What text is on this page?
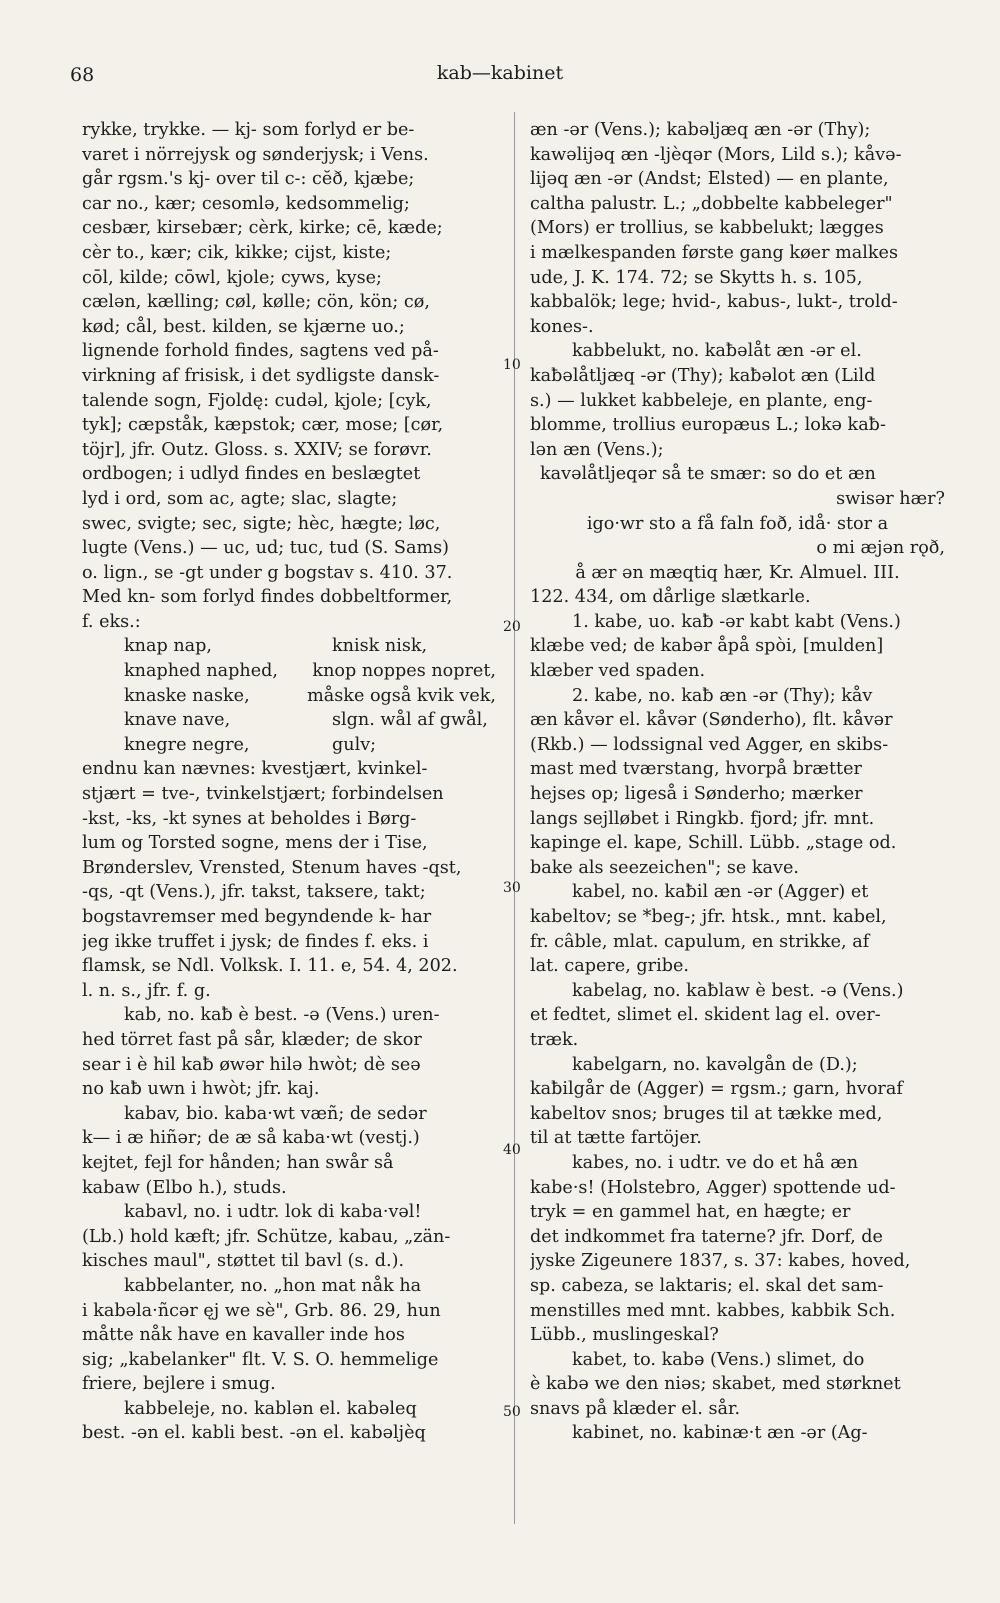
68	kab—kabinet
rykke, trykke. — kj- som forlyd er be-
varet i nörrejysk og sønderjysk; i Vens.
går rgsm.'s kj- over til c-: cĕð, kjæbe;
car no., kær; cesomlə, kedsommelig;
cesbær, kirsebær; cèrk, kirke; cē, kæde;
cèr to., kær; cik, kikke; cijst, kiste;
cōl, kilde; cōwl, kjole; cyws, kyse;
cælən, kælling; cøl, kølle; cön, kön; cø,
kød; cål, best. kilden, se kjærne uo.;
lignende forhold findes, sagtens ved på-
virkning af frisisk, i det sydligste dansk-
talende sogn, Fjoldę: cudəl, kjole; [cyk,
tyk]; cæpståk, kæpstok; cær, mose; [cør,
töjr], jfr. Outz. Gloss. s. XXIV; se forøvr.
ordbogen; i udlyd findes en beslægtet
lyd i ord, som ac, agte; slac, slagte;
swec, svigte; sec, sigte; hèc, hægte; løc,
lugte (Vens.) — uc, ud; tuc, tud (S. Sams)
o. lign., se -gt under g bogstav s. 410. 37.
Med kn- som forlyd findes dobbeltformer,
f. eks.:
knap nap,	knisk nisk,
knaphed naphed,	knop noppes nopret,
knaske naske,	måske også kvik vek,
knave nave,	slgn. wål af gwål,
knegre negre,	gulv;
endnu kan nævnes: kvestjært, kvinkel-
stjært = tve-, tvinkelstjært; forbindelsen
-kst, -ks, -kt synes at beholdes i Børg-
lum og Torsted sogne, mens der i Tise,
Brønderslev, Vrensted, Stenum haves -qst,
-qs, -qt (Vens.), jfr. takst, taksere, takt;
bogstavremser med begyndende k- har
jeg ikke truffet i jysk; de findes f. eks. i
flamsk, se Ndl. Volksk. I. 11. e, 54. 4, 202.
l. n. s., jfr. f. g.
kab, no. kaƀ è best. -ə (Vens.) uren-
hed törret fast på sår, klæder; de skor
sear i è hil kaƀ øwər hilə hwòt; dè seə
no kaƀ uwn i hwòt; jfr. kaj.
kabav, bio. kaba·wt væñ; de sedər
k— i æ hiñər; de æ så kaba·wt (vestj.)
kejtet, fejl for hånden; han swår så
kabaw (Elbo h.), studs.
kabavl, no. i udtr. lok di kaba·vəl!
(Lb.) hold kæft; jfr. Schütze, kabau, „zän-
kisches maul", støttet til bavl (s. d.).
kabbelanter, no. „hon mat nåk ha
i kabəla·ñcər ęj we sè", Grb. 86. 29, hun
måtte nåk have en kavaller inde hos
sig; „kabelanker" flt. V. S. O. hemmelige
friere, bejlere i smug.
kabbeleje, no. kablən el. kabəleq
best. -ən el. kabli best. -ən el. kabəljèq
10
20
30
40
50
æn -ər (Vens.); kabəljæq æn -ər (Thy);
kawəlijəq æn -ljèqər (Mors, Lild s.); kåvə-
lijəq æn -ər (Andst; Elsted) — en plante,
caltha palustr. L.; „dobbelte kabbeleger"
(Mors) er trollius, se kabbelukt; lægges
i mælkespanden første gang køer malkes
ude, J. K. 174. 72; se Skytts h. s. 105,
kabbalök; lege; hvid-, kabus-, lukt-, trold-
kones-.
kabbelukt, no. kaƀəlåt æn -ər el.
kaƀəlåtljæq -ər (Thy); kaƀəlot æn (Lild
s.) — lukket kabbeleje, en plante, eng-
blomme, trollius europæus L.; lokə kaƀ-
lən æn (Vens.);
kavəlåtljeqər så te smær: so do et æn
swisər hær?
igo·wr sto a få faln foð, idå· stor a
o mi æjən rǫð,
å ær ən mæqtiq hær, Kr. Almuel. III.
122. 434, om dårlige slætkarle.
1. kabe, uo. kaƀ -ər kabt kabt (Vens.)
klæbe ved; de kabər åpå spòi, [mulden]
klæber ved spaden.
2. kabe, no. kaƀ æn -ər (Thy); kåv
æn kåvər el. kåvər (Sønderho), flt. kåvər
(Rkb.) — lodssignal ved Agger, en skibs-
mast med tværstang, hvorpå brætter
hejses op; ligeså i Sønderho; mærker
langs sejlløbet i Ringkb. fjord; jfr. mnt.
kapinge el. kape, Schill. Lübb. „stage od.
bake als seezeichen"; se kave.
kabel, no. kaƀil æn -ər (Agger) et
kabeltov; se *beg-; jfr. htsk., mnt. kabel,
fr. câble, mlat. capulum, en strikke, af
lat. capere, gribe.
kabelag, no. kaƀlaw è best. -ə (Vens.)
et fedtet, slimet el. skident lag el. over-
træk.
kabelgarn, no. kavəlgån de (D.);
kaƀilgår de (Agger) = rgsm.; garn, hvoraf
kabeltov snos; bruges til at tække med,
til at tætte fartöjer.
kabes, no. i udtr. ve do et hå æn
kabe·s! (Holstebro, Agger) spottende ud-
tryk = en gammel hat, en hægte; er
det indkommet fra taterne? jfr. Dorf, de
jyske Zigeunere 1837, s. 37: kabes, hoved,
sp. cabeza, se laktaris; el. skal det sam-
menstilles med mnt. kabbes, kabbik Sch.
Lübb., muslingeskal?
kabet, to. kabə (Vens.) slimet, do
è kabə we den niəs; skabet, med størknet
snavs på klæder el. sår.
kabinet, no. kabinæ·t æn -ər (Ag-
